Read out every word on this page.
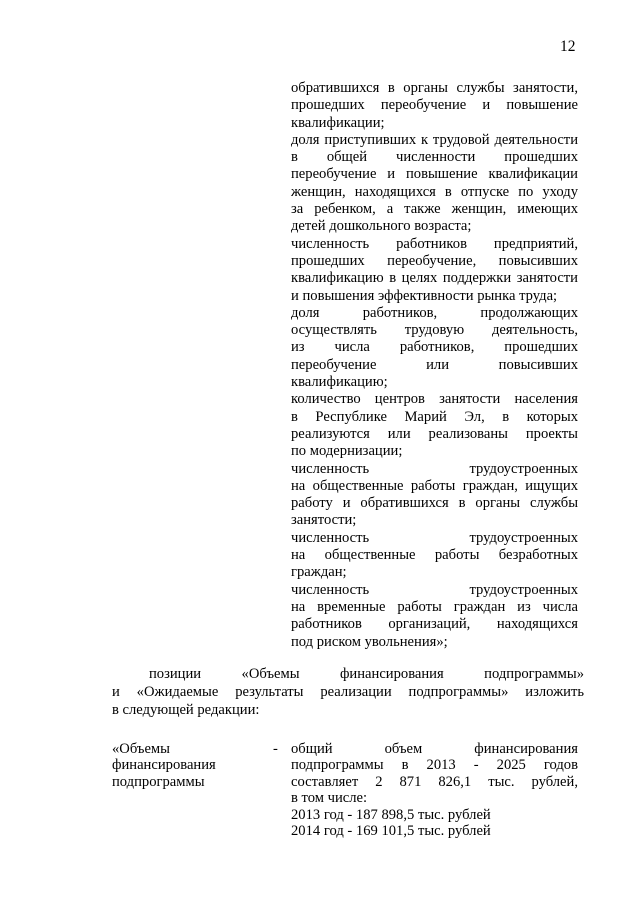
12
обратившихся в органы службы занятости,
прошедших переобучение и повышение
квалификации;
доля приступивших к трудовой деятельности
в общей численности прошедших
переобучение и повышение квалификации
женщин, находящихся в отпуске по уходу
за ребенком, а также женщин, имеющих
детей дошкольного возраста;
численность работников предприятий,
прошедших переобучение, повысивших
квалификацию в целях поддержки занятости
и повышения эффективности рынка труда;
доля работников, продолжающих
осуществлять трудовую деятельность,
из числа работников, прошедших
переобучение или повысивших
квалификацию;
количество центров занятости населения
в Республике Марий Эл, в которых
реализуются или реализованы проекты
по модернизации;
численность трудоустроенных
на общественные работы граждан, ищущих
работу и обратившихся в органы службы
занятости;
численность трудоустроенных
на общественные работы безработных
граждан;
численность трудоустроенных
на временные работы граждан из числа
работников организаций, находящихся
под риском увольнения»;
позиции «Объемы финансирования подпрограммы»
и «Ожидаемые результаты реализации подпрограммы» изложить
в следующей редакции:
«Объемы
финансирования
подпрограммы
- общий объем финансирования
подпрограммы в 2013 - 2025 годов
составляет 2 871 826,1 тыс. рублей,
в том числе:
2013 год - 187 898,5 тыс. рублей
2014 год - 169 101,5 тыс. рублей
